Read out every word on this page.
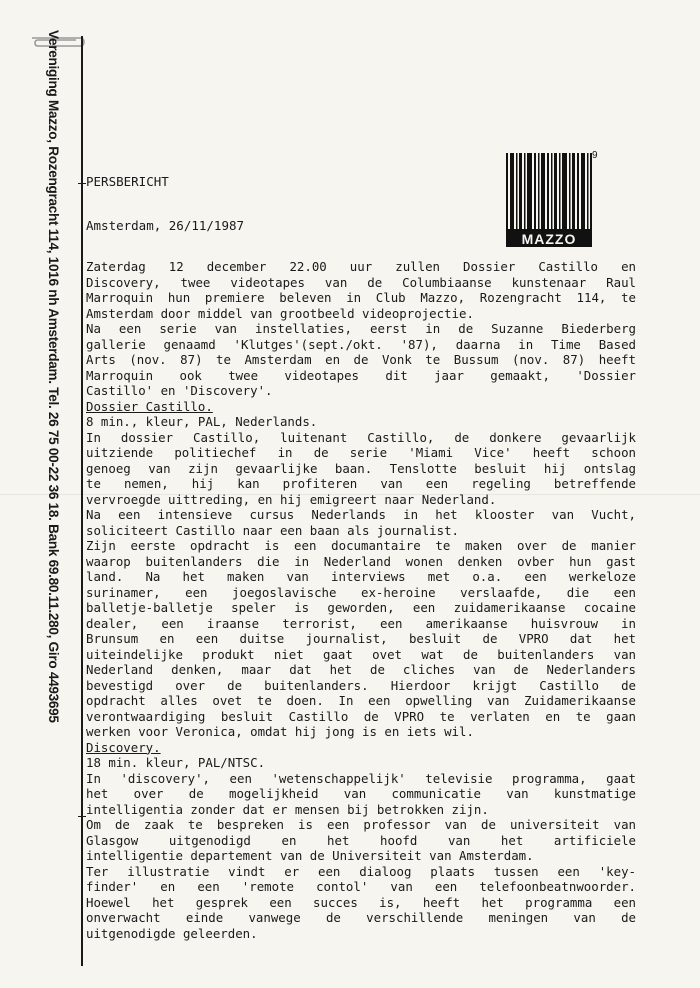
Vereniging Mazzo, Rozengracht 114, 1016 nh Amsterdam. Tel. 26 75 00-22 36 18. Bank 69.80.11.280, Giro 4493695	PERSBERICHT
Amsterdam, 26/11/1987
MAZZO
9
Zaterdag 12 december 22.00 uur zullen Dossier Castillo en
Discovery, twee videotapes van de Columbiaanse kunstenaar Raul
Marroquin hun premiere beleven in Club Mazzo, Rozengracht 114, te
Amsterdam door middel van grootbeeld videoprojectie.
Na een serie van instellaties, eerst in de Suzanne Biederberg
gallerie genaamd 'Klutges'(sept./okt. '87), daarna in Time Based
Arts (nov. 87) te Amsterdam en de Vonk te Bussum (nov. 87) heeft
Marroquin ook twee videotapes dit jaar gemaakt, 'Dossier
Castillo' en 'Discovery'.
Dossier Castillo.
8 min., kleur, PAL, Nederlands.
In dossier Castillo, luitenant Castillo, de donkere gevaarlijk
uitziende politiechef in de serie 'Miami Vice' heeft schoon
genoeg van zijn gevaarlijke baan. Tenslotte besluit hij ontslag
te nemen, hij kan profiteren van een regeling betreffende
vervroegde uittreding, en hij emigreert naar Nederland.
Na een intensieve cursus Nederlands in het klooster van Vucht,
soliciteert Castillo naar een baan als journalist.
Zijn eerste opdracht is een documantaire te maken over de manier
waarop buitenlanders die in Nederland wonen denken ovber hun gast
land. Na het maken van interviews met o.a. een werkeloze
surinamer, een joegoslavische ex-heroine verslaafde, die een
balletje-balletje speler is geworden, een zuidamerikaanse cocaine
dealer, een iraanse terrorist, een amerikaanse huisvrouw in
Brunsum en een duitse journalist, besluit de VPRO dat het
uiteindelijke produkt niet gaat ovet wat de buitenlanders van
Nederland denken, maar dat het de cliches van de Nederlanders
bevestigd over de buitenlanders. Hierdoor krijgt Castillo de
opdracht alles ovet te doen. In een opwelling van Zuidamerikaanse
verontwaardiging besluit Castillo de VPRO te verlaten en te gaan
werken voor Veronica, omdat hij jong is en iets wil.
Discovery.
18 min. kleur, PAL/NTSC.
In 'discovery', een 'wetenschappelijk' televisie programma, gaat
het over de mogelijkheid van communicatie van kunstmatige
intelligentia zonder dat er mensen bij betrokken zijn.
Om de zaak te bespreken is een professor van de universiteit van
Glasgow uitgenodigd en het hoofd van het artificiele
intelligentie departement van de Universiteit van Amsterdam.
Ter illustratie vindt er een dialoog plaats tussen een 'key-
finder' en een 'remote contol' van een telefoonbeatnwoorder.
Hoewel het gesprek een succes is, heeft het programma een
onverwacht einde vanwege de verschillende meningen van de
uitgenodigde geleerden.
